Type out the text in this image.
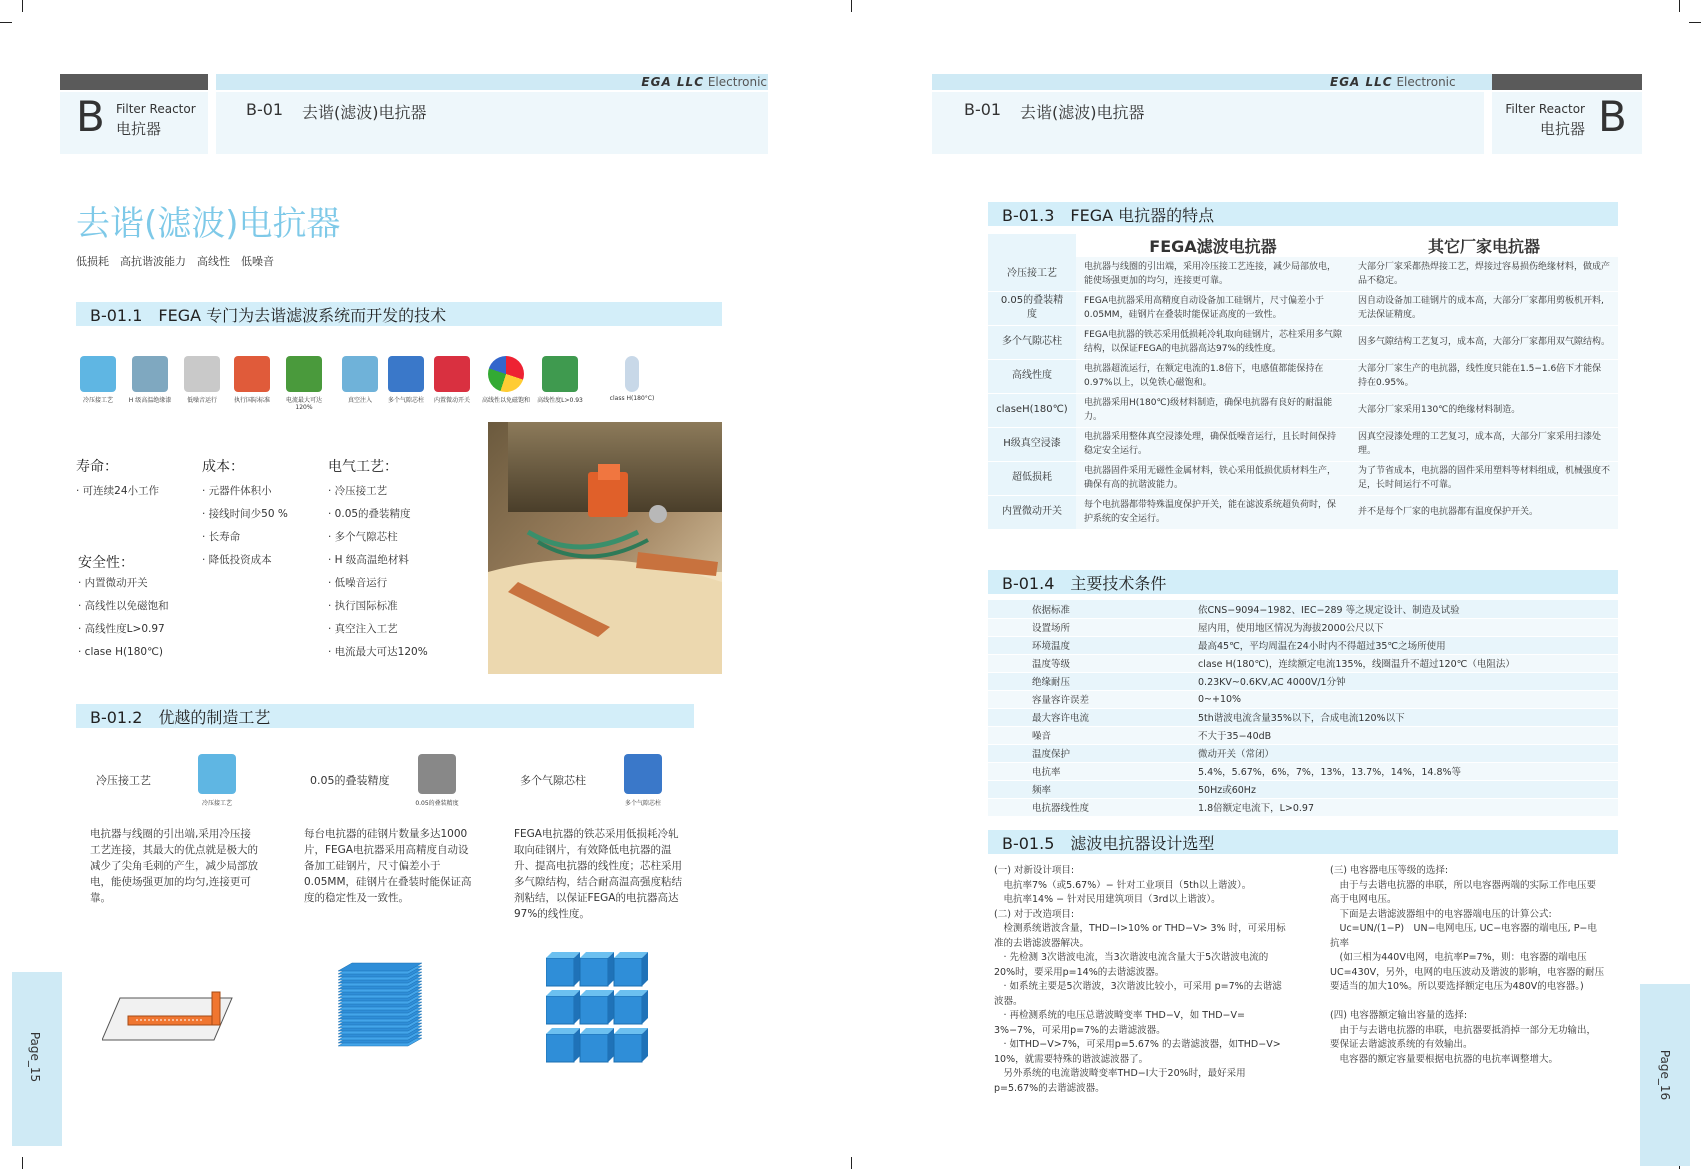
EGA LLC Electronic
B Filter Reactor
电抗器
B-01 去谐(滤波)电抗器
去谐(滤波)电抗器
低损耗　高抗谐波能力　高线性　低噪音
B-01.1　FEGA 专门为去谐滤波系统而开发的技术
冷压接工艺	H 级高温绝缘漆	低噪音运行	执行国际标准	电流最大可达120%
真空注入	多个气隙芯柱	内置微动开关	高线性以免磁饱和	高线性度L>0.93	class H(180°C)
寿命：
· 可连续24小工作
安全性：
· 内置微动开关
· 高线性以免磁饱和
· 高线性度L>0.97
· clase H(180℃)
成本：
· 元器件体积小
· 接线时间少50 %
· 长寿命
· 降低投资成本
电气工艺：
· 冷压接工艺
· 0.05的叠装精度
· 多个气隙芯柱
· H 级高温绝材料
· 低噪音运行
· 执行国际标准
· 真空注入工艺
· 电流最大可达120%
B-01.2　优越的制造工艺
冷压接工艺
冷压接工艺
电抗器与线圈的引出端,采用冷压接工艺连接，其最大的优点就是极大的减少了尖角毛刺的产生，减少局部放电，能使场强更加的均匀,连接更可靠。
0.05的叠装精度
0.05的叠装精度
每台电抗器的硅钢片数量多达1000片，FEGA电抗器采用高精度自动设备加工硅钢片，尺寸偏差小于0.05MM，硅钢片在叠装时能保证高度的稳定性及一致性。
多个气隙芯柱
多个气隙芯柱
FEGA电抗器的铁芯采用低损耗冷轧取向硅钢片，有效降低电抗器的温升、提高电抗器的线性度；芯柱采用多气隙结构，结合耐高温高强度粘结剂粘结，以保证FEGA的电抗器高达97%的线性度。
Page_15
EGA LLC Electronic
B-01 去谐(滤波)电抗器	Filter Reactor
电抗器 B
B-01.3　FEGA 电抗器的特点
	FEGA滤波电抗器	其它厂家电抗器
冷压接工艺	电抗器与线圈的引出端，采用冷压接工艺连接，减少局部放电，能使场强更加的均匀，连接更可靠。	大部分厂家采都热焊接工艺，焊接过容易损伤绝缘材料，做成产品不稳定。
0.05的叠装精度	FEGA电抗器采用高精度自动设备加工硅钢片，尺寸偏差小于0.05MM，硅钢片在叠装时能保证高度的一致性。	因自动设备加工硅钢片的成本高，大部分厂家都用剪板机开料,无法保证精度。
多个气隙芯柱	FEGA电抗器的铁芯采用低损耗冷轧取向硅钢片，芯柱采用多气隙结构，以保证FEGA的电抗器高达97%的线性度。	因多气隙结构工艺复习，成本高，大部分厂家都用双气隙结构。
高线性度	电抗器超流运行，在额定电流的1.8倍下，电感值都能保持在0.97%以上，以免铁心磁饱和。	大部分厂家生产的电抗器，线性度只能在1.5−1.6倍下才能保持在0.95%。
claseH(180℃)	电抗器采用H(180℃)级材料制造，确保电抗器有良好的耐温能力。	大部分厂家采用130℃的绝缘材料制造。
H级真空浸漆	电抗器采用整体真空浸漆处理，确保低噪音运行，且长时间保持稳定安全运行。	因真空浸漆处理的工艺复习，成本高，大部分厂家采用扫漆处理。
超低损耗	电抗器固件采用无磁性金属材料，铁心采用低损优质材料生产，确保有高的抗谐波能力。	为了节省成本，电抗器的固件采用塑料等材料组成，机械强度不足，长时间运行不可靠。
内置微动开关	每个电抗器都带特殊温度保护开关，能在滤波系统超负荷时，保护系统的安全运行。	并不是每个厂家的电抗器都有温度保护开关。
B-01.4　主要技术条件
依据标准	依CNS−9094−1982、IEC−289 等之规定设计、制造及试验
设置场所	屋内用，使用地区情况为海拔2000公尺以下
环境温度	最高45℃，平均周温在24小时内不得超过35℃之场所使用
温度等级	clase H(180℃)，连续额定电流135%，线圈温升不超过120℃（电阻法）
绝缘耐压	0.23KV~0.6KV,AC 4000V/1分钟
容量容许误差	0~+10%
最大容许电流	5th谐波电流含量35%以下，合成电流120%以下
噪音	不大于35−40dB
温度保护	微动开关（常闭）
电抗率	5.4%，5.67%，6%，7%，13%，13.7%，14%，14.8%等
频率	50Hz或60Hz
电抗器线性度	1.8倍额定电流下，L>0.97
B-01.5　滤波电抗器设计选型
(一) 对新设计项目:
　电抗率7%（或5.67%）− 针对工业项目（5th以上谐波）。
　电抗率14% − 针对民用建筑项目（3rd以上谐波）。
(二) 对于改造项目:
　检测系统谐波含量，THD−I>10% or THD−V> 3% 时，可采用标
准的去谐滤波器解决。
　· 先检测 3次谐波电流，当3次谐波电流含量大于5次谐波电流的
20%时，要采用p=14%的去谐滤波器。
　· 如系统主要是5次谐波，3次谐波比较小，可采用 p=7%的去谐滤
波器。
　· 再检测系统的电压总谐波畸变率 THD−V，如 THD−V=
3%−7%，可采用p=7%的去谐滤波器。
　· 如THD−V>7%，可采用p=5.67% 的去谐滤波器，如THD−V>
10%，就需要特殊的谐波滤波器了。
　另外系统的电流谐波畸变率THD−I大于20%时，最好采用
p=5.67%的去谐滤波器。
(三) 电容器电压等级的选择:
　由于与去谐电抗器的串联，所以电容器两端的实际工作电压要
高于电网电压。
　下面是去谐滤波器组中的电容器端电压的计算公式:
　Uc=UN/(1−P)　UN−电网电压, UC−电容器的端电压, P−电
抗率
　(如三相为440V电网，电抗率P=7%，则：电容器的端电压
UC=430V，另外，电网的电压波动及谐波的影响，电容器的耐压
要适当的加大10%。所以要选择额定电压为480V的电容器。)
(四) 电容器额定输出容量的选择:
　由于与去谐电抗器的串联，电抗器要抵消掉一部分无功输出，
要保证去谐滤波系统的有效输出。
　电容器的额定容量要根据电抗器的电抗率调整增大。	Page_16
